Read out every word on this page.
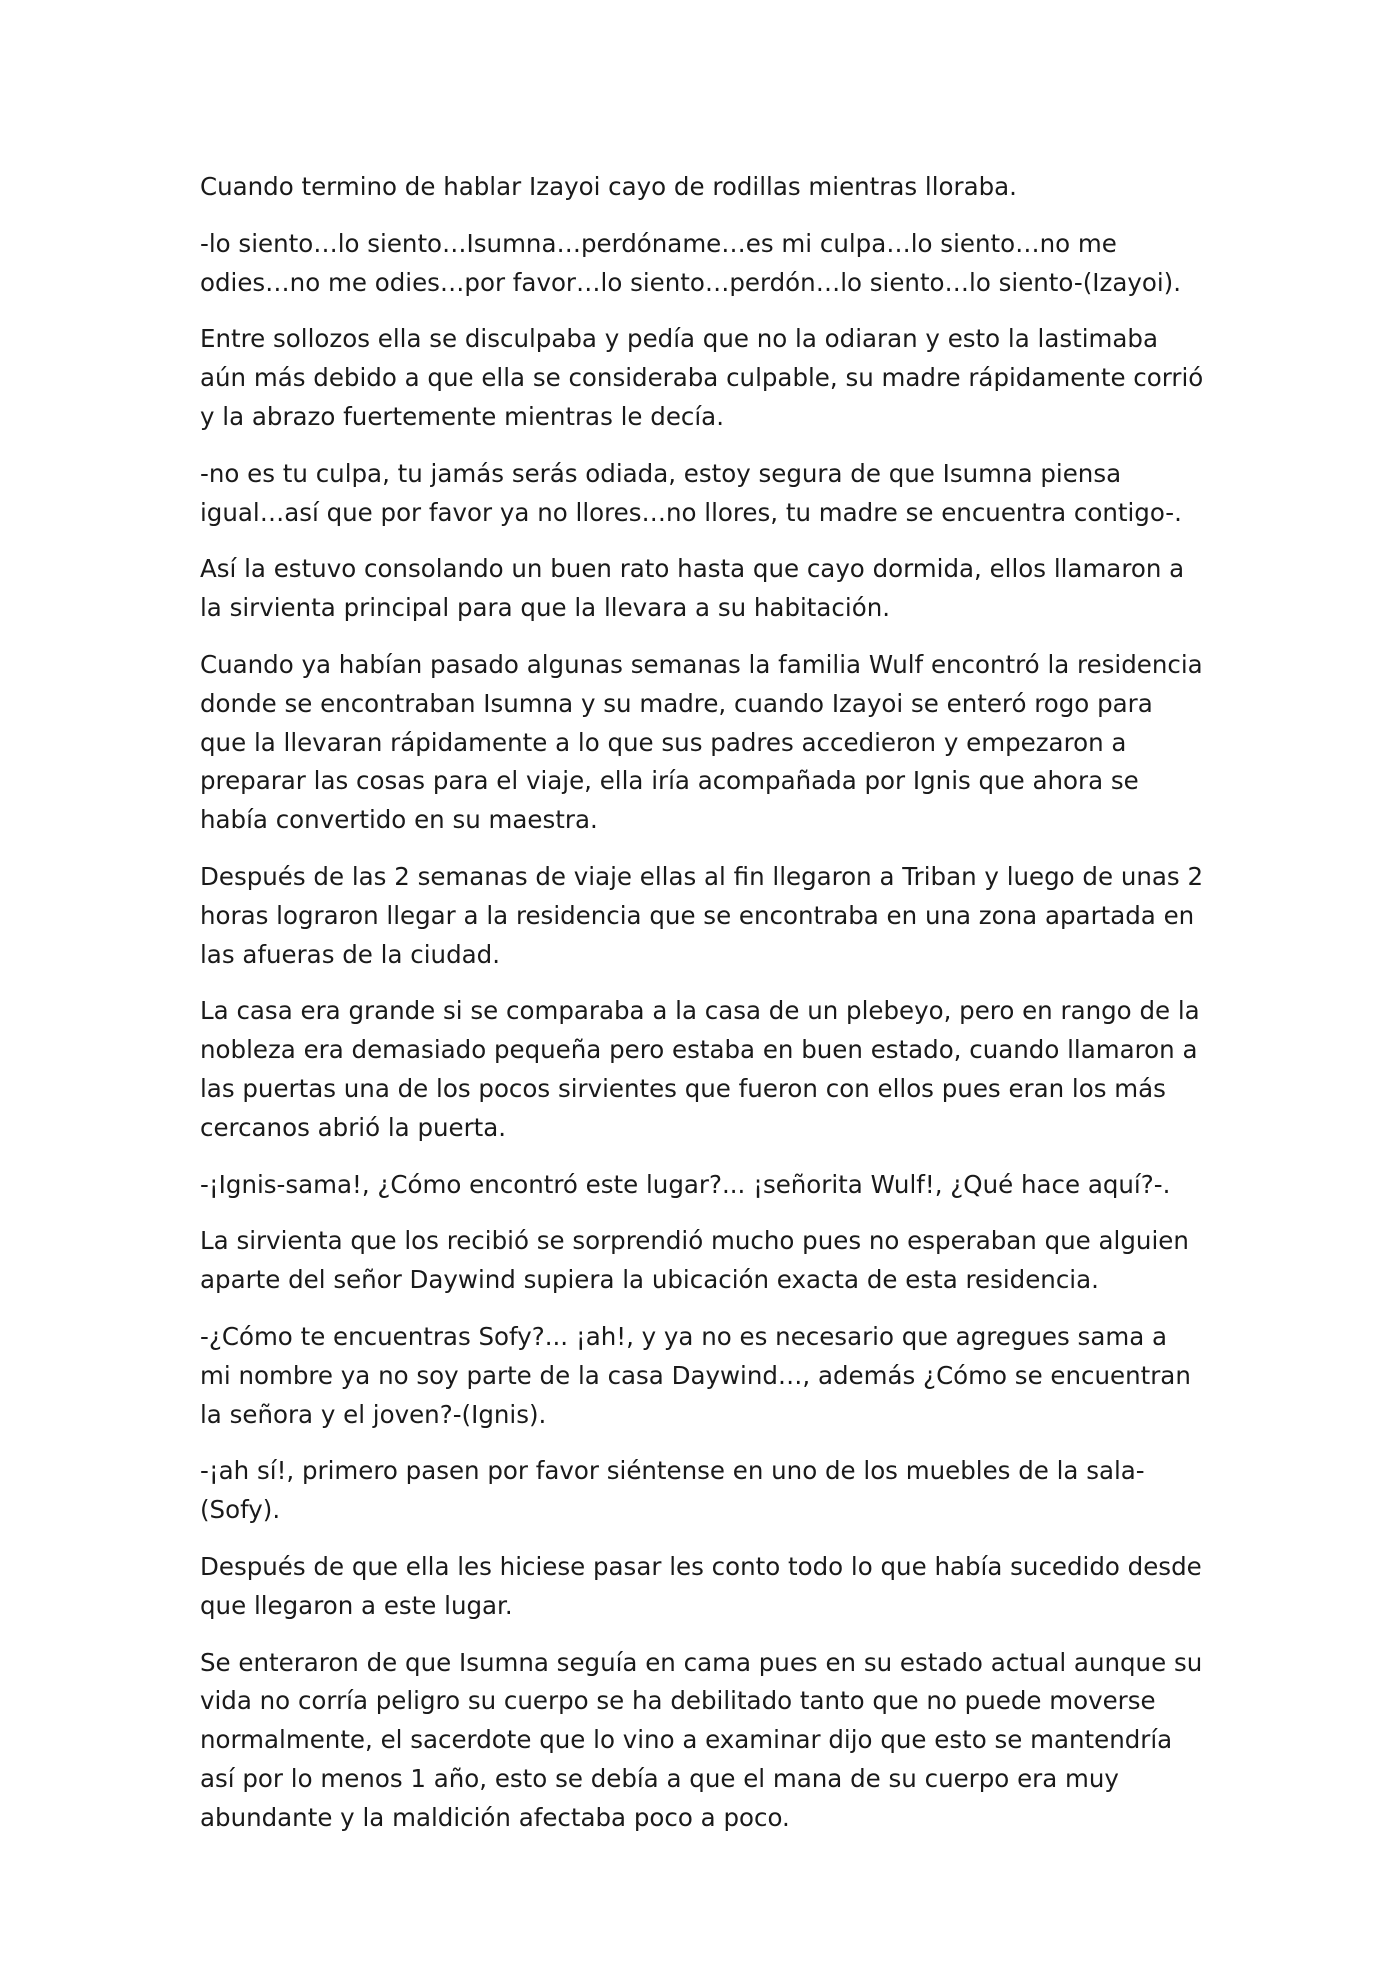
Cuando termino de hablar Izayoi cayo de rodillas mientras lloraba.

-lo siento…lo siento…Isumna…perdóname…es mi culpa…lo siento…no me odies…no me odies…por favor…lo siento…perdón…lo siento…lo siento-(Izayoi).

Entre sollozos ella se disculpaba y pedía que no la odiaran y esto la lastimaba aún más debido a que ella se consideraba culpable, su madre rápidamente corrió y la abrazo fuertemente mientras le decía.

-no es tu culpa, tu jamás serás odiada, estoy segura de que Isumna piensa igual…así que por favor ya no llores…no llores, tu madre se encuentra contigo-.

Así la estuvo consolando un buen rato hasta que cayo dormida, ellos llamaron a la sirvienta principal para que la llevara a su habitación.

Cuando ya habían pasado algunas semanas la familia Wulf encontró la residencia donde se encontraban Isumna y su madre, cuando Izayoi se enteró rogo para que la llevaran rápidamente a lo que sus padres accedieron y empezaron a preparar las cosas para el viaje, ella iría acompañada por Ignis que ahora se había convertido en su maestra.

Después de las 2 semanas de viaje ellas al fin llegaron a Triban y luego de unas 2 horas lograron llegar a la residencia que se encontraba en una zona apartada en las afueras de la ciudad.

La casa era grande si se comparaba a la casa de un plebeyo, pero en rango de la nobleza era demasiado pequeña pero estaba en buen estado, cuando llamaron a las puertas una de los pocos sirvientes que fueron con ellos pues eran los más cercanos abrió la puerta.

-¡Ignis-sama!, ¿Cómo encontró este lugar?... ¡señorita Wulf!, ¿Qué hace aquí?-.

La sirvienta que los recibió se sorprendió mucho pues no esperaban que alguien aparte del señor Daywind supiera la ubicación exacta de esta residencia.

-¿Cómo te encuentras Sofy?... ¡ah!, y ya no es necesario que agregues sama a mi nombre ya no soy parte de la casa Daywind…, además ¿Cómo se encuentran la señora y el joven?-(Ignis).

-¡ah sí!, primero pasen por favor siéntense en uno de los muebles de la sala-(Sofy).

Después de que ella les hiciese pasar les conto todo lo que había sucedido desde que llegaron a este lugar.

Se enteraron de que Isumna seguía en cama pues en su estado actual aunque su vida no corría peligro su cuerpo se ha debilitado tanto que no puede moverse normalmente, el sacerdote que lo vino a examinar dijo que esto se mantendría así por lo menos 1 año, esto se debía a que el mana de su cuerpo era muy abundante y la maldición afectaba poco a poco.
